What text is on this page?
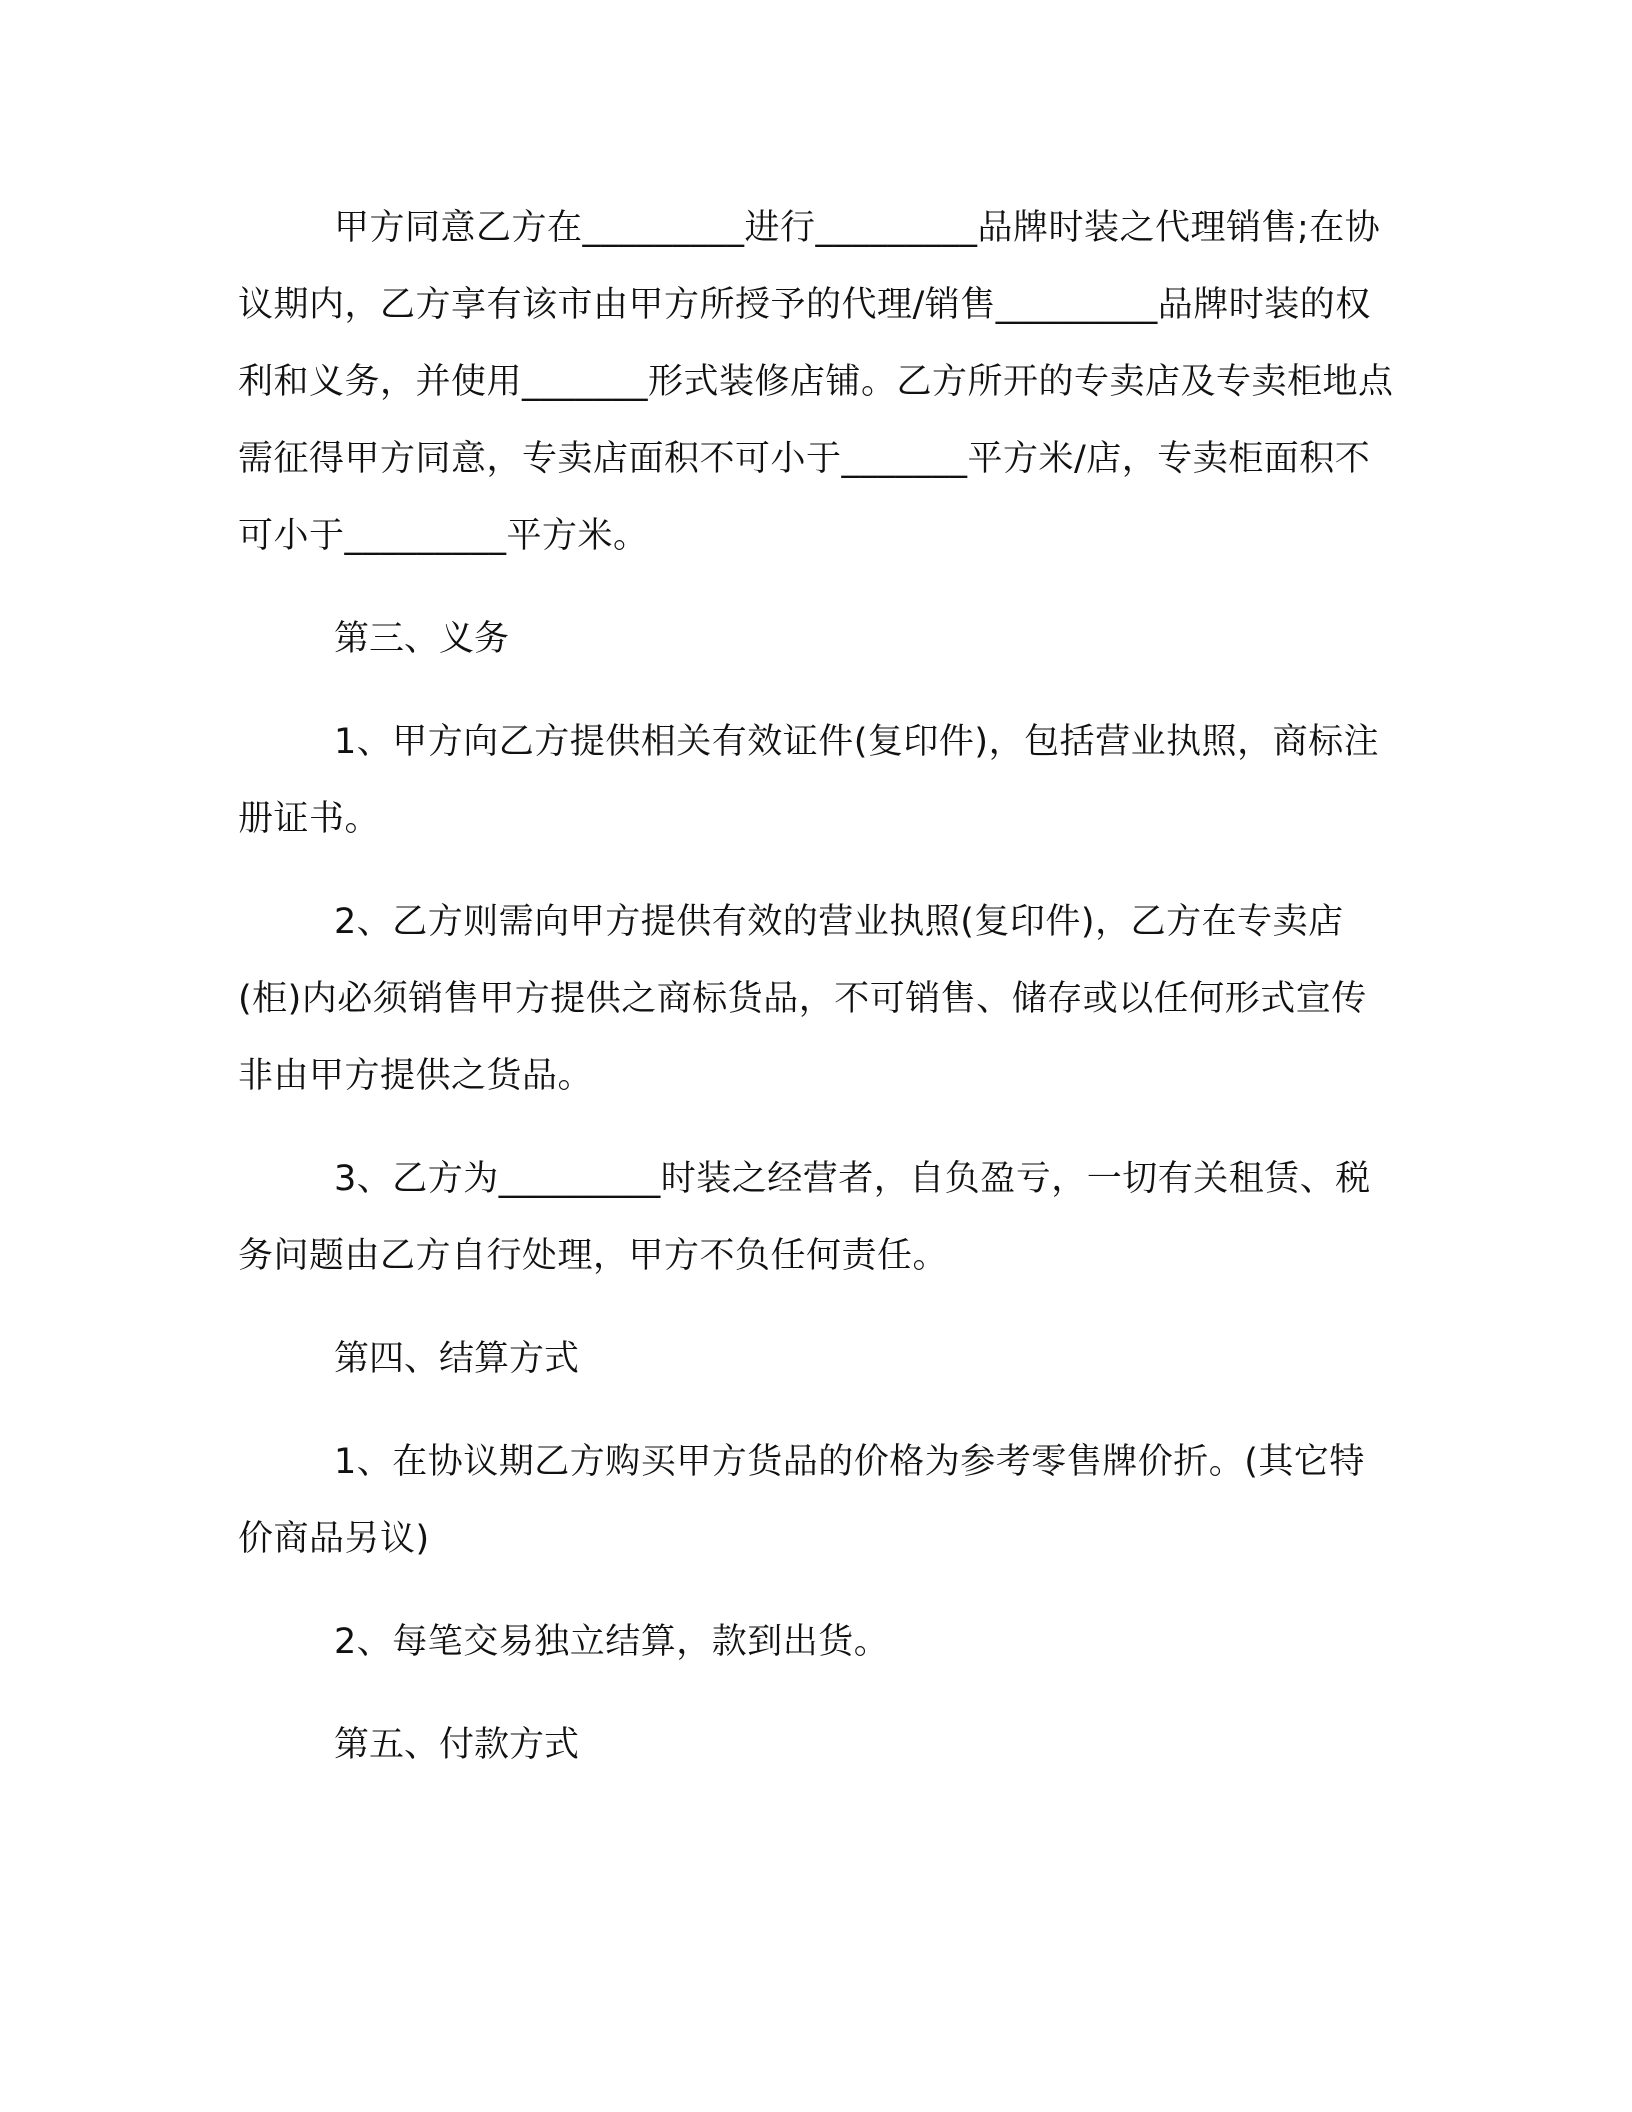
甲方同意乙方在_________进行_________品牌时装之代理销售;在协议期内，乙方享有该市由甲方所授予的代理/销售_________品牌时装的权利和义务，并使用_______形式装修店铺。乙方所开的专卖店及专卖柜地点需征得甲方同意，专卖店面积不可小于_______平方米/店，专卖柜面积不可小于_________平方米。

第三、义务

1、甲方向乙方提供相关有效证件(复印件)，包括营业执照，商标注册证书。

2、乙方则需向甲方提供有效的营业执照(复印件)，乙方在专卖店(柜)内必须销售甲方提供之商标货品，不可销售、储存或以任何形式宣传非由甲方提供之货品。

3、乙方为_________时装之经营者，自负盈亏，一切有关租赁、税务问题由乙方自行处理，甲方不负任何责任。

第四、结算方式

1、在协议期乙方购买甲方货品的价格为参考零售牌价折。(其它特价商品另议)

2、每笔交易独立结算，款到出货。

第五、付款方式
